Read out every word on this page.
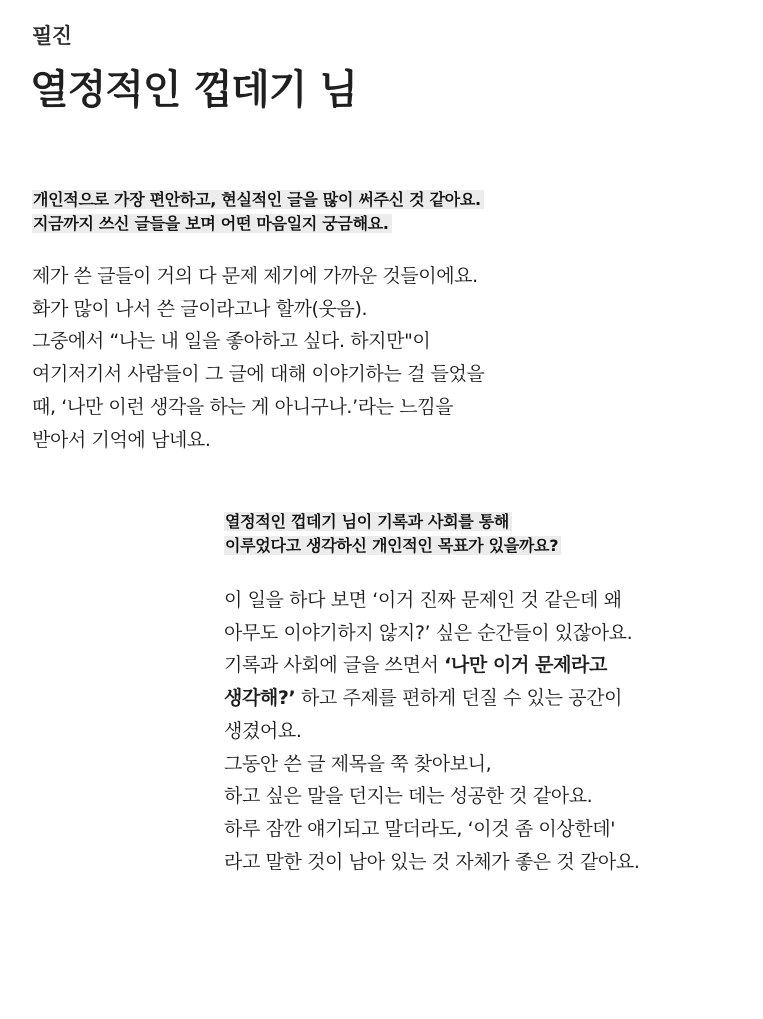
필진
열정적인 껍데기 님
개인적으로 가장 편안하고, 현실적인 글을 많이 써주신 것 같아요.
지금까지 쓰신 글들을 보며 어떤 마음일지 궁금해요.
제가 쓴 글들이 거의 다 문제 제기에 가까운 것들이에요.
화가 많이 나서 쓴 글이라고나 할까(웃음).
그중에서 “나는 내 일을 좋아하고 싶다. 하지만"이
여기저기서 사람들이 그 글에 대해 이야기하는 걸 들었을
때, ‘나만 이런 생각을 하는 게 아니구나.’라는 느낌을
받아서 기억에 남네요.
열정적인 껍데기 님이 기록과 사회를 통해
이루었다고 생각하신 개인적인 목표가 있을까요?
이 일을 하다 보면 ‘이거 진짜 문제인 것 같은데 왜
아무도 이야기하지 않지?’ 싶은 순간들이 있잖아요.
기록과 사회에 글을 쓰면서 ‘나만 이거 문제라고
생각해?’ 하고 주제를 편하게 던질 수 있는 공간이
생겼어요.
그동안 쓴 글 제목을 쭉 찾아보니,
하고 싶은 말을 던지는 데는 성공한 것 같아요.
하루 잠깐 얘기되고 말더라도, ‘이것 좀 이상한데'
라고 말한 것이 남아 있는 것 자체가 좋은 것 같아요.
